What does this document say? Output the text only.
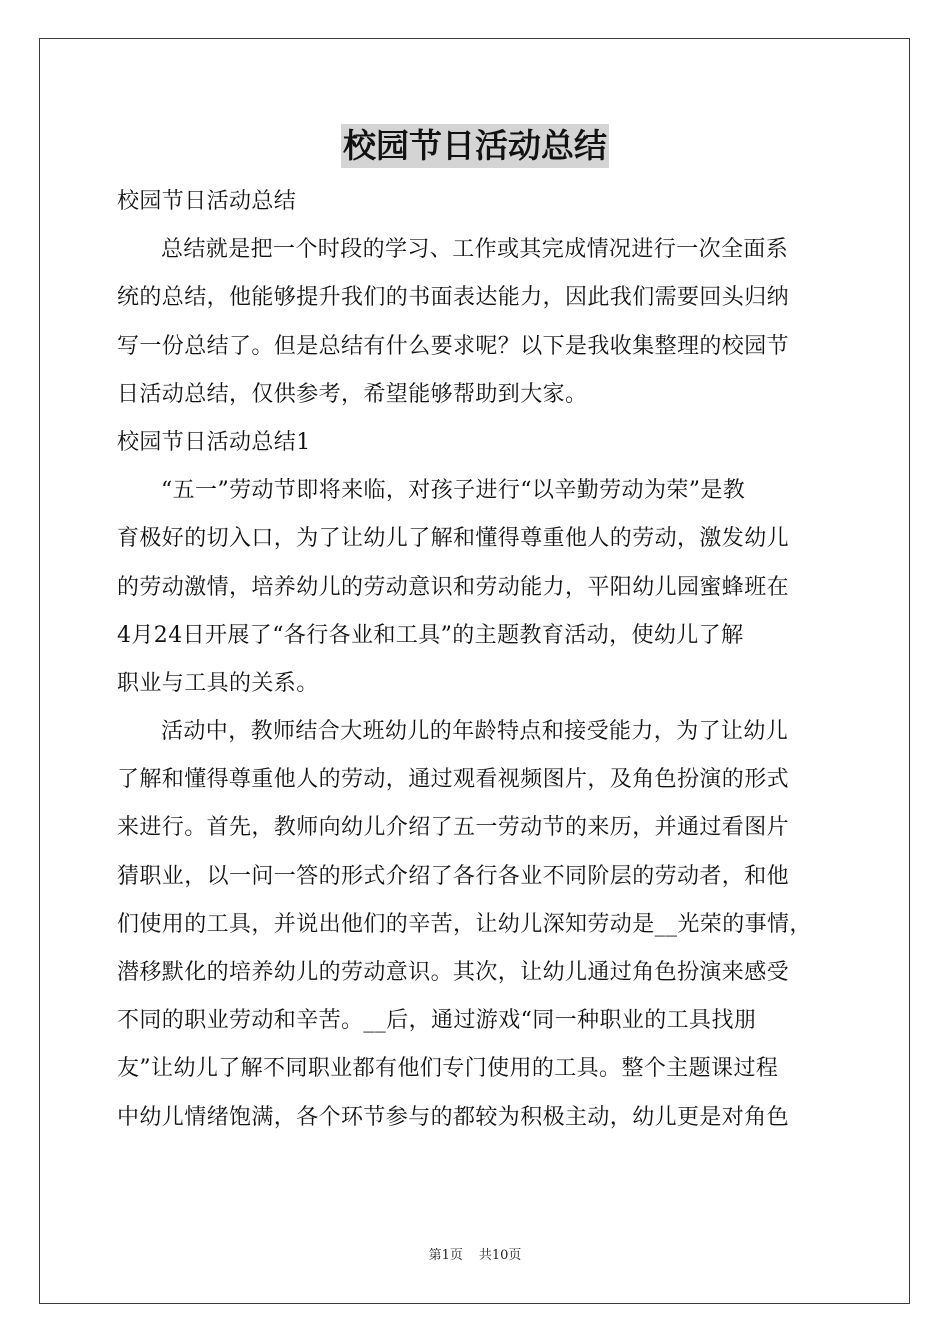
校园节日活动总结
校园节日活动总结
总结就是把一个时段的学习、工作或其完成情况进行一次全面系
统的总结，他能够提升我们的书面表达能力，因此我们需要回头归纳
写一份总结了。但是总结有什么要求呢？以下是我收集整理的校园节
日活动总结，仅供参考，希望能够帮助到大家。
校园节日活动总结1
“五一”劳动节即将来临，对孩子进行“以辛勤劳动为荣”是教
育极好的切入口，为了让幼儿了解和懂得尊重他人的劳动，激发幼儿
的劳动激情，培养幼儿的劳动意识和劳动能力，平阳幼儿园蜜蜂班在
4月24日开展了“各行各业和工具”的主题教育活动，使幼儿了解
职业与工具的关系。
活动中，教师结合大班幼儿的年龄特点和接受能力，为了让幼儿
了解和懂得尊重他人的劳动，通过观看视频图片，及角色扮演的形式
来进行。首先，教师向幼儿介绍了五一劳动节的来历，并通过看图片
猜职业，以一问一答的形式介绍了各行各业不同阶层的劳动者，和他
们使用的工具，并说出他们的辛苦，让幼儿深知劳动是__光荣的事情，
潜移默化的培养幼儿的劳动意识。其次，让幼儿通过角色扮演来感受
不同的职业劳动和辛苦。__后，通过游戏“同一种职业的工具找朋
友”让幼儿了解不同职业都有他们专门使用的工具。整个主题课过程
中幼儿情绪饱满，各个环节参与的都较为积极主动，幼儿更是对角色
第1页 共10页
